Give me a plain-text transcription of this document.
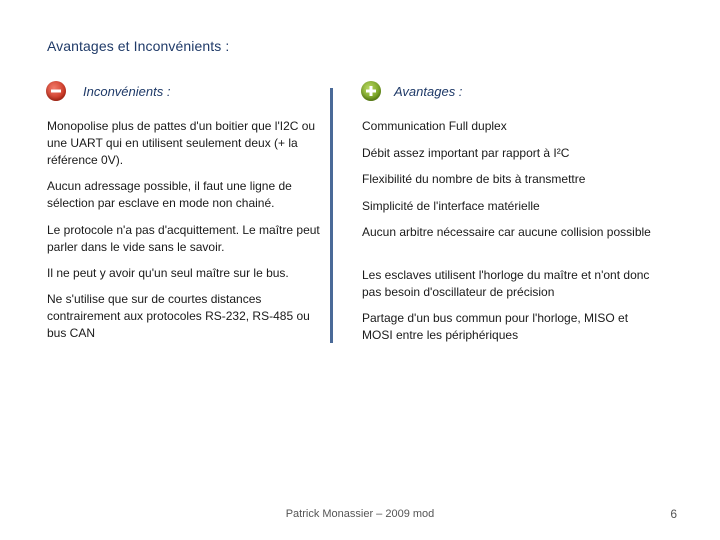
Avantages et Inconvénients :
Inconvénients :	Avantages :
Monopolise plus de pattes d'un boitier que l'I2C ou une UART qui en utilisent seulement deux (+ la référence 0V).
Aucun adressage possible, il faut une ligne de sélection par esclave en mode non chainé.
Le protocole n'a pas d'acquittement. Le maître peut parler dans le vide sans le savoir.
Il ne peut y avoir qu'un seul maître sur le bus.
Ne s'utilise que sur de courtes distances contrairement aux protocoles RS-232, RS-485 ou bus CAN
Communication Full duplex
Débit assez important par rapport à I²C
Flexibilité du nombre de bits à transmettre
Simplicité de l'interface matérielle
Aucun arbitre nécessaire car aucune collision possible
Les esclaves utilisent l'horloge du maître et n'ont donc pas besoin d'oscillateur de précision
Partage d'un bus commun pour l'horloge, MISO et MOSI entre les périphériques
Patrick Monassier – 2009 mod	6
